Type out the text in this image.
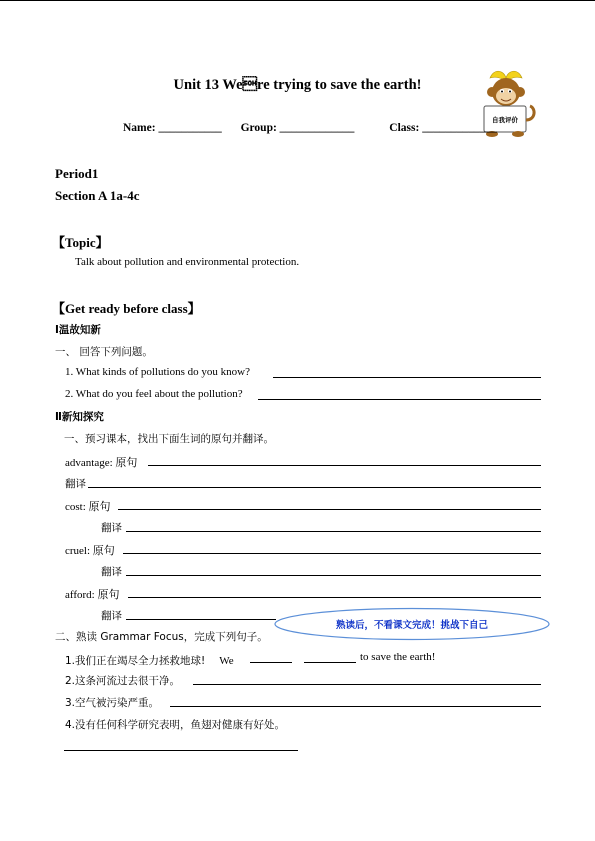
Unit 13 Were trying to save the earth!
自我评价
Name: ___________ Group: _____________	Class: _____________
Period1
Section A 1a-4c
【Topic】
Talk about pollution and environmental protection.
【Get ready before class】
Ⅰ温故知新
一、 回答下列问题。
1. What kinds of pollutions do you know?
2. What do you feel about the pollution?
Ⅱ新知探究
一、预习课本，找出下面生词的原句并翻译。
advantage: 原句
翻译
cost: 原句
翻译
cruel: 原句
翻译
afford: 原句
翻译
熟读后，不看课文完成！挑战下自己
二、熟读 Grammar Focus，完成下列句子。
1.我们正在竭尽全力拯救地球! We	to save the earth!
2.这条河流过去很干净。
3.空气被污染严重。
4.没有任何科学研究表明，鱼翅对健康有好处。
